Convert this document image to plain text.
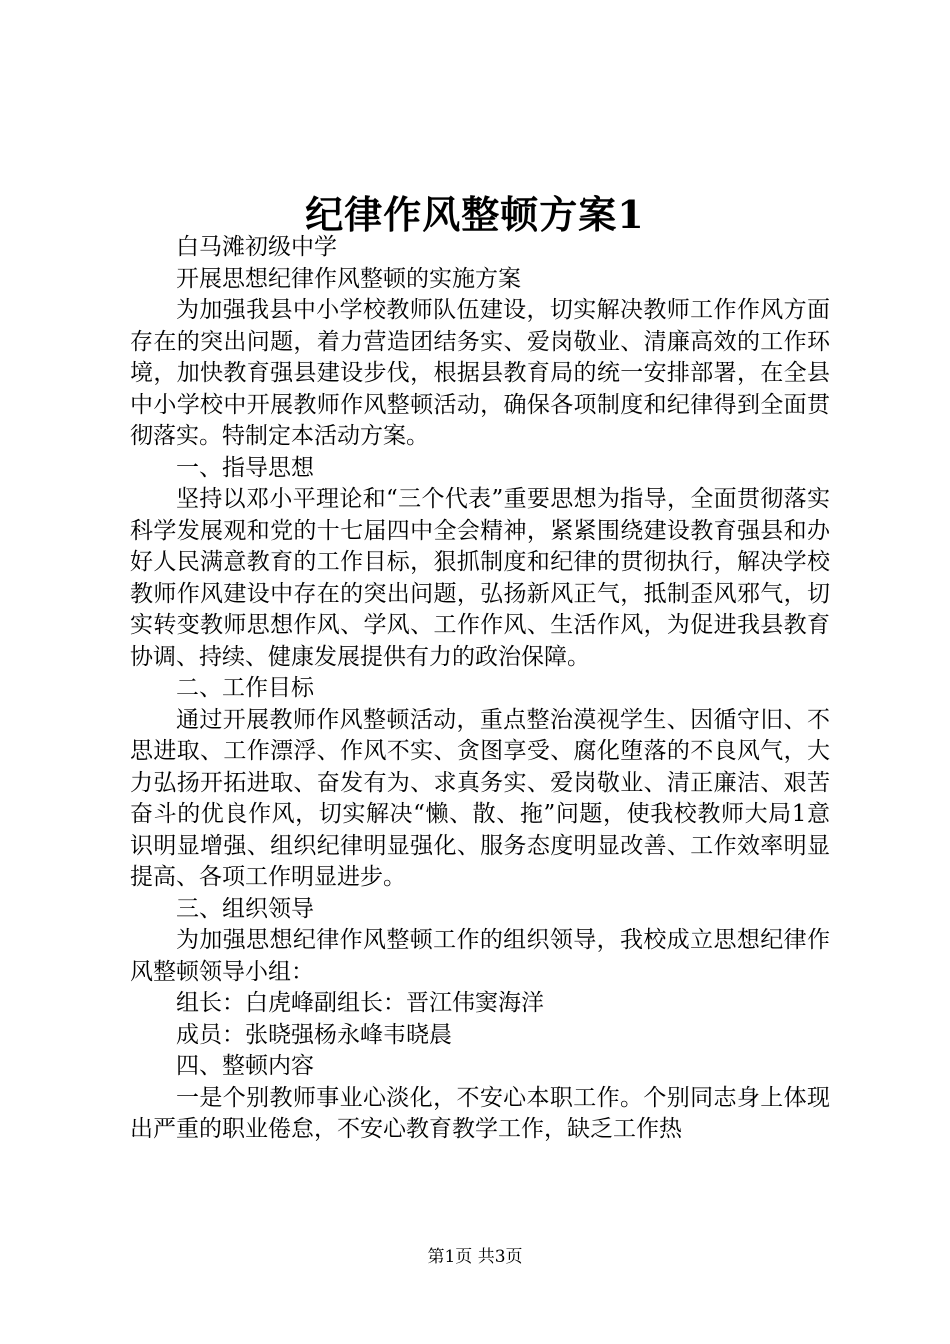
纪律作风整顿方案1

白马滩初级中学

开展思想纪律作风整顿的实施方案

为加强我县中小学校教师队伍建设，切实解决教师工作作风方面存在的突出问题，着力营造团结务实、爱岗敬业、清廉高效的工作环境，加快教育强县建设步伐，根据县教育局的统一安排部署，在全县中小学校中开展教师作风整顿活动，确保各项制度和纪律得到全面贯彻落实。特制定本活动方案。

一、指导思想

坚持以邓小平理论和“三个代表”重要思想为指导，全面贯彻落实科学发展观和党的十七届四中全会精神，紧紧围绕建设教育强县和办好人民满意教育的工作目标，狠抓制度和纪律的贯彻执行，解决学校教师作风建设中存在的突出问题，弘扬新风正气，抵制歪风邪气，切实转变教师思想作风、学风、工作作风、生活作风，为促进我县教育协调、持续、健康发展提供有力的政治保障。

二、工作目标

通过开展教师作风整顿活动，重点整治漠视学生、因循守旧、不思进取、工作漂浮、作风不实、贪图享受、腐化堕落的不良风气，大力弘扬开拓进取、奋发有为、求真务实、爱岗敬业、清正廉洁、艰苦奋斗的优良作风，切实解决“懒、散、拖”问题，使我校教师大局1意识明显增强、组织纪律明显强化、服务态度明显改善、工作效率明显提高、各项工作明显进步。

三、组织领导

为加强思想纪律作风整顿工作的组织领导，我校成立思想纪律作风整顿领导小组：

组长：白虎峰副组长：晋江伟窦海洋

成员：张晓强杨永峰韦晓晨

四、整顿内容

一是个别教师事业心淡化，不安心本职工作。个别同志身上体现出严重的职业倦怠，不安心教育教学工作，缺乏工作热

第1页 共3页
